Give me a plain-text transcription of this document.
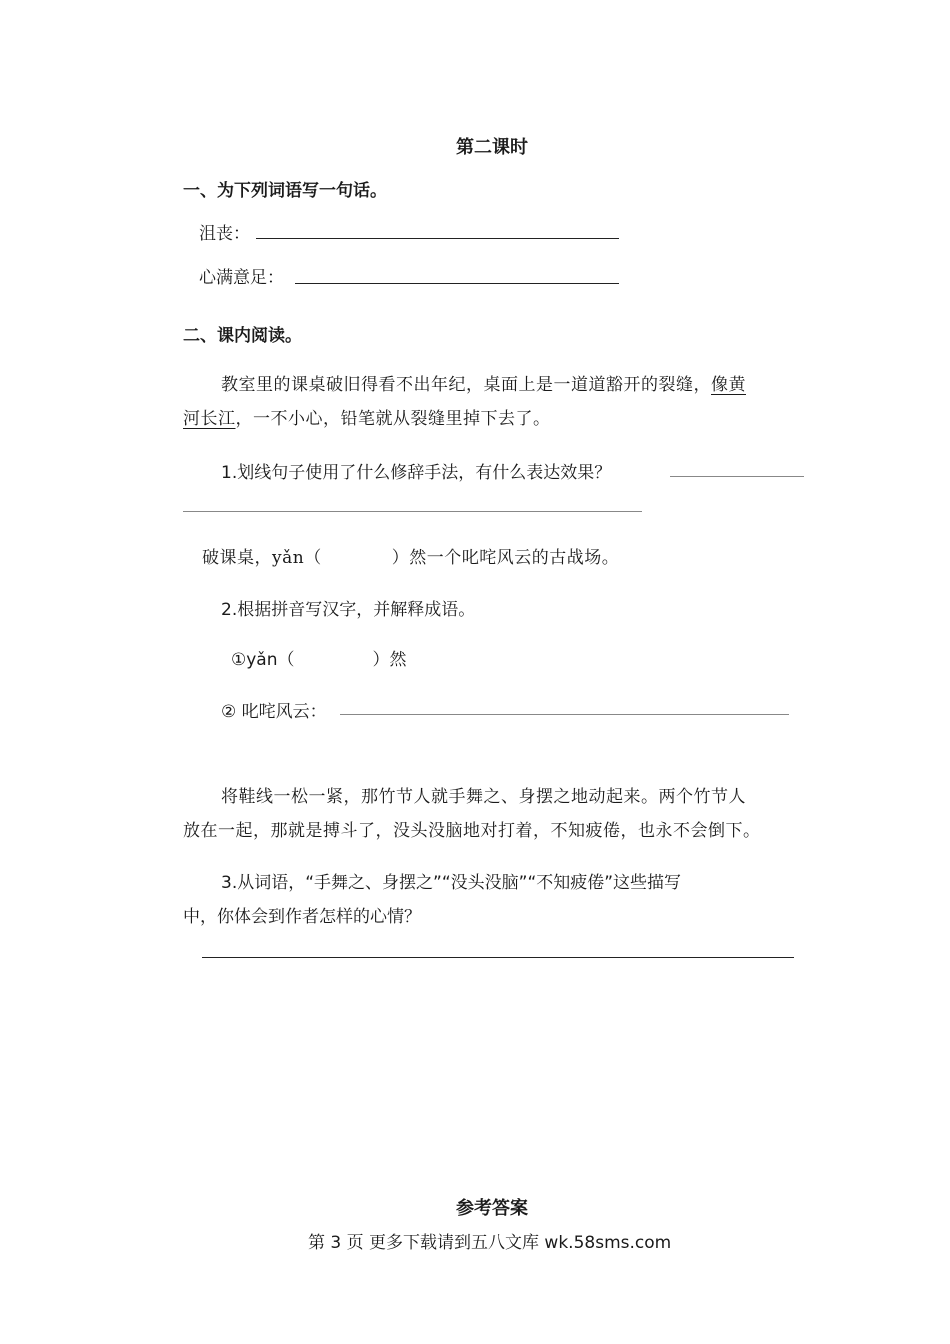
第二课时
一、为下列词语写一句话。
沮丧：
心满意足：
二、课内阅读。
教室里的课桌破旧得看不出年纪，桌面上是一道道豁开的裂缝，像黄
河长江，一不小心，铅笔就从裂缝里掉下去了。
1.划线句子使用了什么修辞手法，有什么表达效果？
破课桌，yǎn（	）然一个叱咤风云的古战场。
2.根据拼音写汉字，并解释成语。
①yǎn（	）然
② 叱咤风云：
将鞋线一松一紧，那竹节人就手舞之、身摆之地动起来。两个竹节人
放在一起，那就是搏斗了，没头没脑地对打着，不知疲倦，也永不会倒下。
3.从词语，“手舞之、身摆之”“没头没脑”“不知疲倦”这些描写
中，你体会到作者怎样的心情？
参考答案
第 3 页 更多下载请到五八文库 wk.58sms.com
